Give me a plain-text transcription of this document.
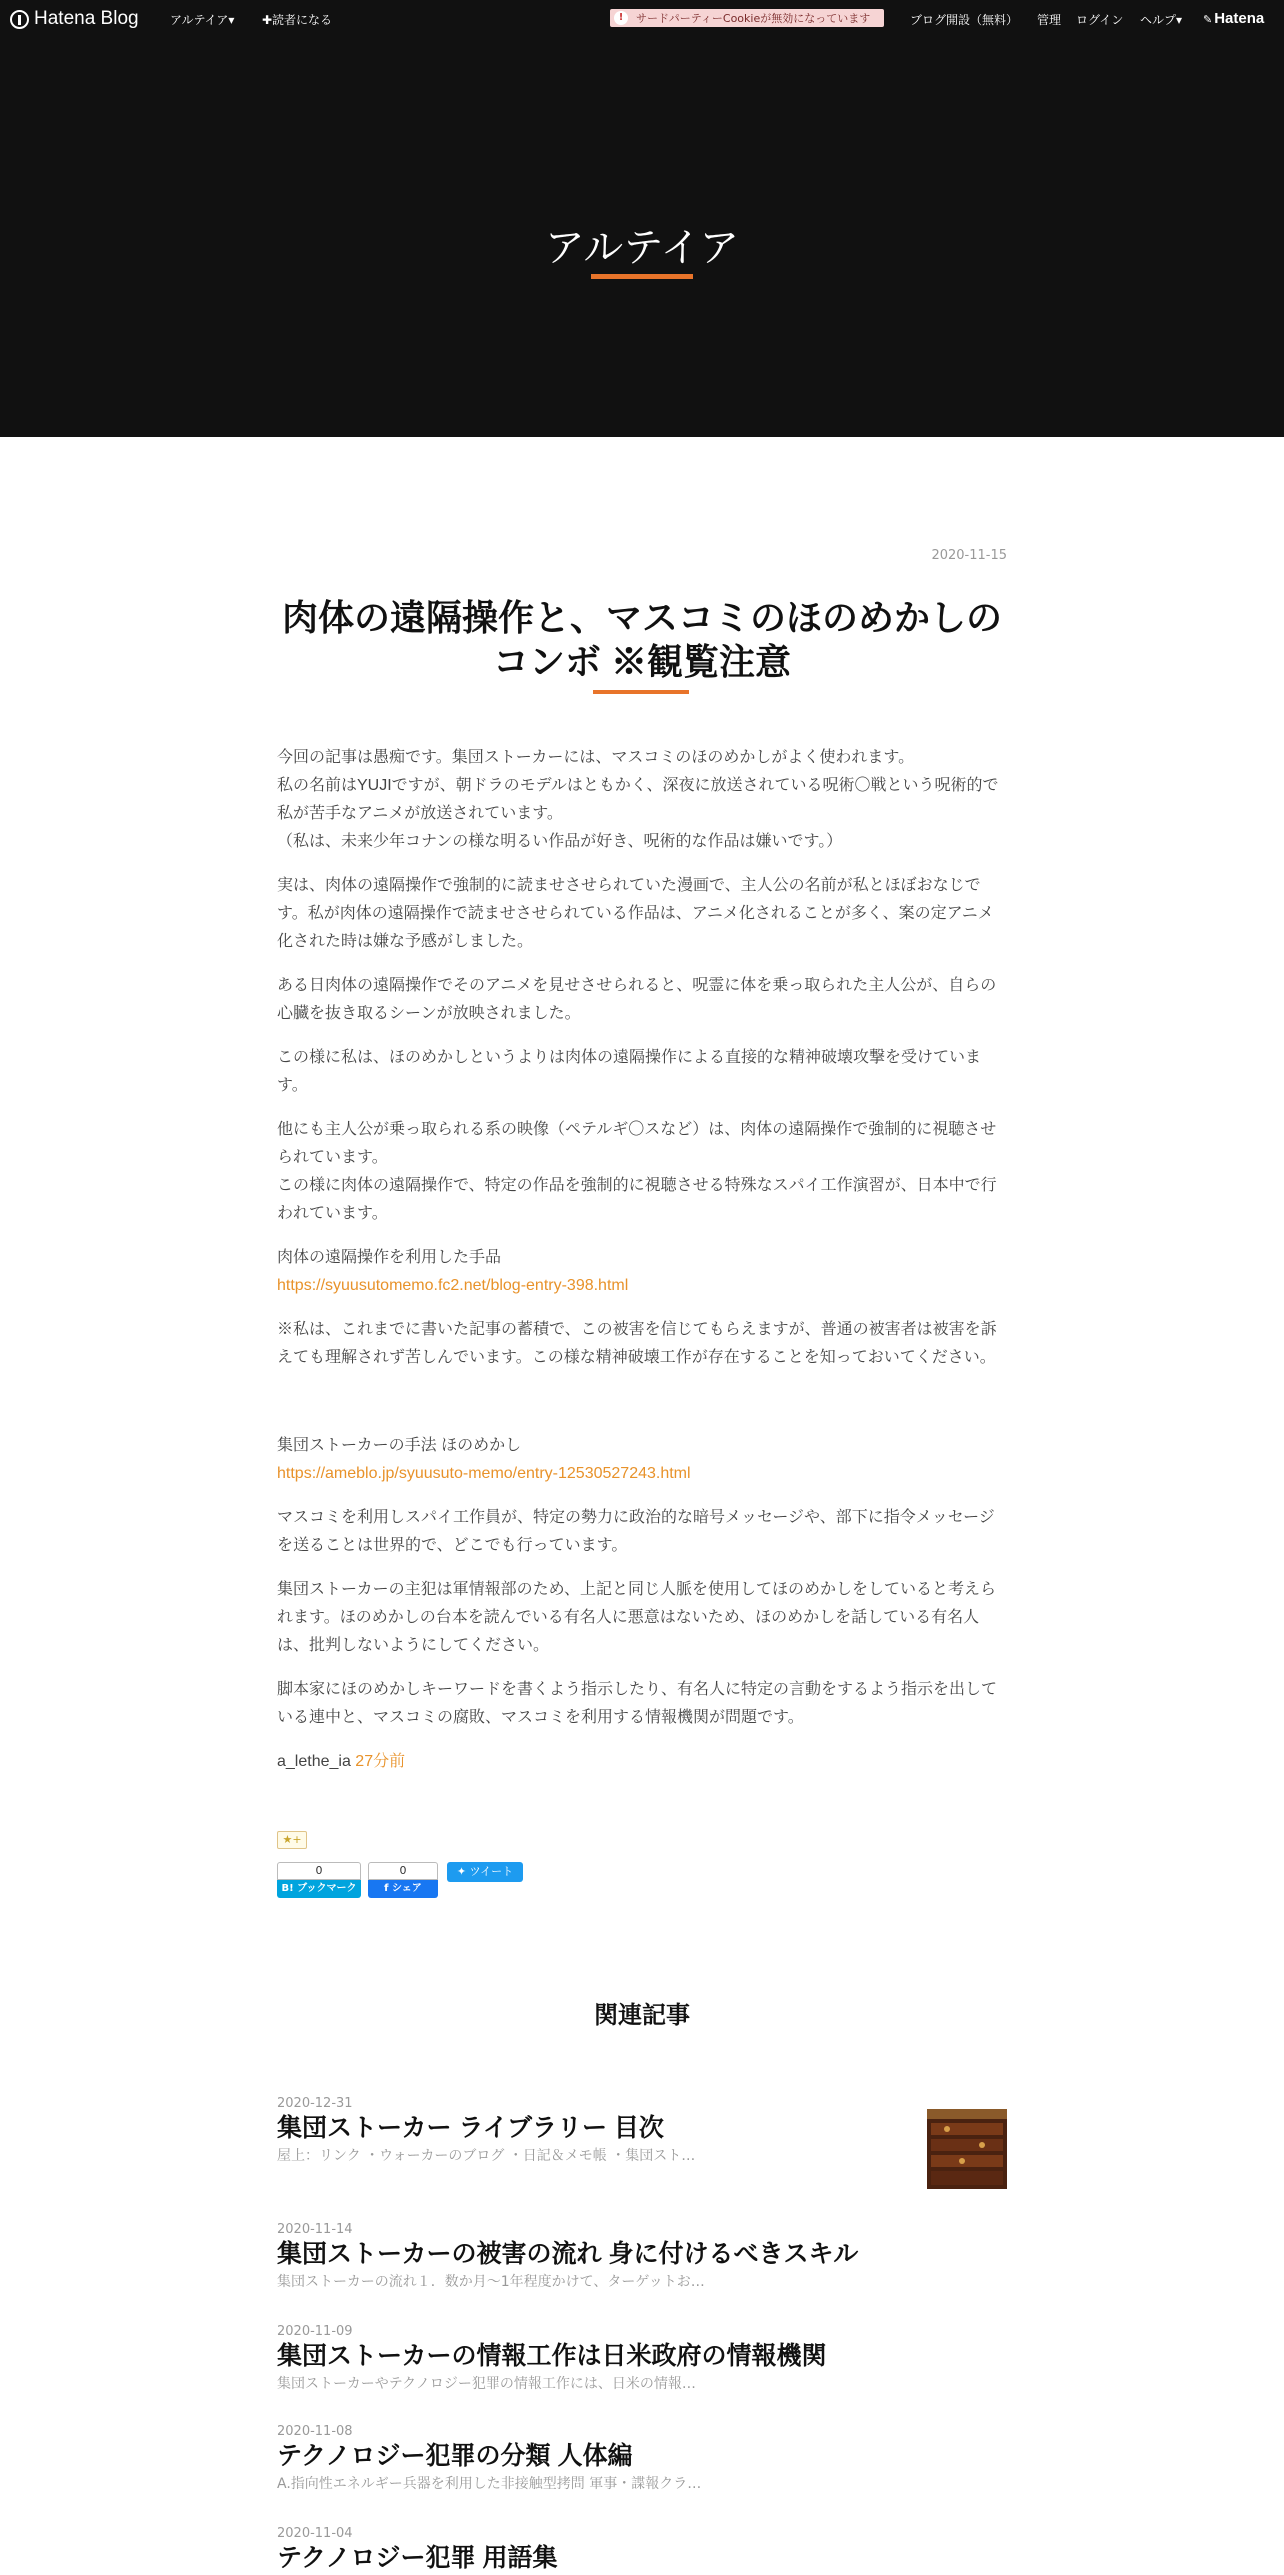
Hatena Blog	アルテイア▾ ✚読者になる	!	サードパーティーCookieが無効になっています	ブログ開設（無料） 管理 ログイン ヘルプ▾ ✎ Hatena
アルテイア
2020-11-15
肉体の遠隔操作と、マスコミのほのめかしのコンボ ※観覧注意

今回の記事は愚痴です。集団ストーカーには、マスコミのほのめかしがよく使われます。
私の名前はYUJIですが、朝ドラのモデルはともかく、深夜に放送されている呪術〇戦という呪術的で私が苦手なアニメが放送されています。
（私は、未来少年コナンの様な明るい作品が好き、呪術的な作品は嫌いです。）

実は、肉体の遠隔操作で強制的に読ませさせられていた漫画で、主人公の名前が私とほぼおなじです。私が肉体の遠隔操作で読ませさせられている作品は、アニメ化されることが多く、案の定アニメ化された時は嫌な予感がしました。

ある日肉体の遠隔操作でそのアニメを見せさせられると、呪霊に体を乗っ取られた主人公が、自らの心臓を抜き取るシーンが放映されました。

この様に私は、ほのめかしというよりは肉体の遠隔操作による直接的な精神破壊攻撃を受けています。

他にも主人公が乗っ取られる系の映像（ペテルギ〇スなど）は、肉体の遠隔操作で強制的に視聴させられています。
この様に肉体の遠隔操作で、特定の作品を強制的に視聴させる特殊なスパイ工作演習が、日本中で行われています。

肉体の遠隔操作を利用した手品
https://syuusutomemo.fc2.net/blog-entry-398.html

※私は、これまでに書いた記事の蓄積で、この被害を信じてもらえますが、普通の被害者は被害を訴えても理解されず苦しんでいます。この様な精神破壊工作が存在することを知っておいてください。

集団ストーカーの手法 ほのめかし
https://ameblo.jp/syuusuto-memo/entry-12530527243.html

マスコミを利用しスパイ工作員が、特定の勢力に政治的な暗号メッセージや、部下に指令メッセージを送ることは世界的で、どこでも行っています。

集団ストーカーの主犯は軍情報部のため、上記と同じ人脈を使用してほのめかしをしていると考えられます。ほのめかしの台本を読んでいる有名人に悪意はないため、ほのめかしを話している有名人は、批判しないようにしてください。

脚本家にほのめかしキーワードを書くよう指示したり、有名人に特定の言動をするよう指示を出している連中と、マスコミの腐敗、マスコミを利用する情報機関が問題です。

a_lethe_ia 27分前
★+
0
B! ブックマーク
0
f シェア
✦ ツイート
関連記事
2020-12-31
集団ストーカー ライブラリー 目次
屋上：リンク ・ウォーカーのブログ ・日記＆メモ帳 ・集団スト…
2020-11-14
集団ストーカーの被害の流れ 身に付けるべきスキル
集団ストーカーの流れ１．数か月～1年程度かけて、ターゲットお…
2020-11-09
集団ストーカーの情報工作は日米政府の情報機関
集団ストーカーやテクノロジー犯罪の情報工作には、日米の情報…
2020-11-08
テクノロジー犯罪の分類 人体編
A.指向性エネルギー兵器を利用した非接触型拷問 軍事・諜報クラ…
2020-11-04
テクノロジー犯罪 用語集
